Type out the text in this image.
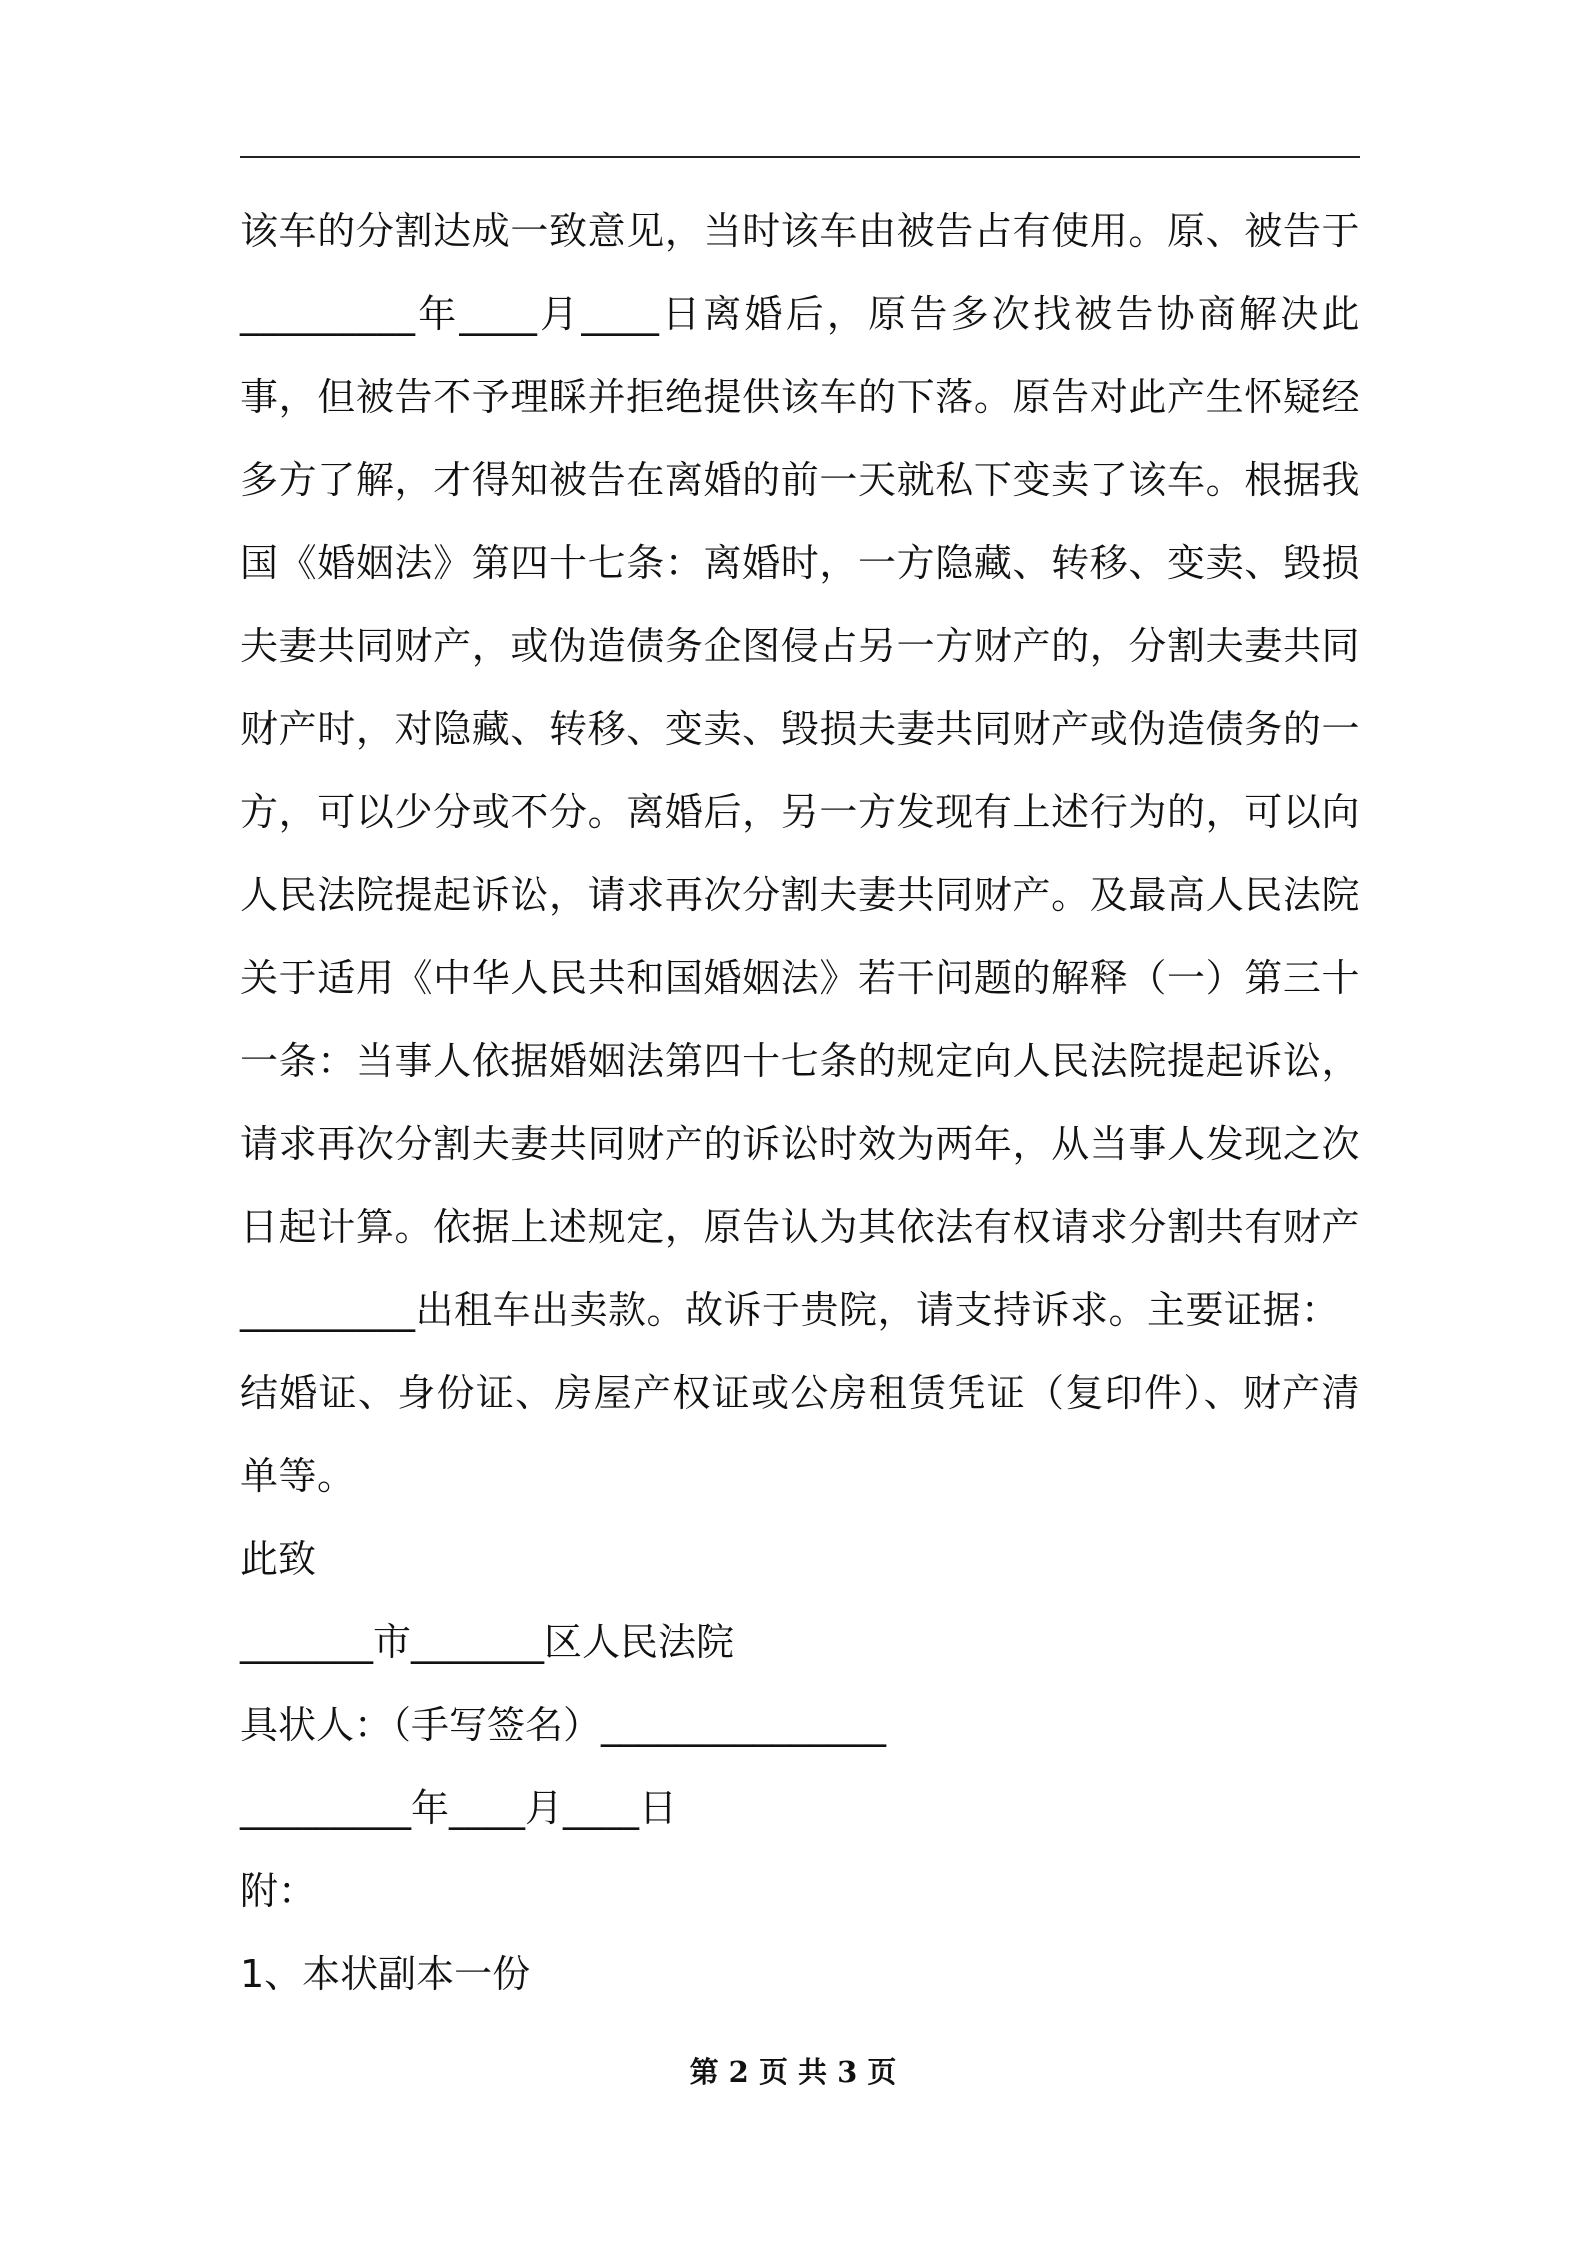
该车的分割达成一致意见，当时该车由被告占有使用。原、被告于_________年____月____日离婚后，原告多次找被告协商解决此事，但被告不予理睬并拒绝提供该车的下落。原告对此产生怀疑经多方了解，才得知被告在离婚的前一天就私下变卖了该车。根据我国《婚姻法》第四十七条：离婚时，一方隐藏、转移、变卖、毁损夫妻共同财产，或伪造债务企图侵占另一方财产的，分割夫妻共同财产时，对隐藏、转移、变卖、毁损夫妻共同财产或伪造债务的一方，可以少分或不分。离婚后，另一方发现有上述行为的，可以向人民法院提起诉讼，请求再次分割夫妻共同财产。及最高人民法院关于适用《中华人民共和国婚姻法》若干问题的解释（一）第三十一条：当事人依据婚姻法第四十七条的规定向人民法院提起诉讼，请求再次分割夫妻共同财产的诉讼时效为两年，从当事人发现之次日起计算。依据上述规定，原告认为其依法有权请求分割共有财产_________出租车出卖款。故诉于贵院，请支持诉求。主要证据：

结婚证、身份证、房屋产权证或公房租赁凭证（复印件）、财产清单等。

此致

_______市_______区人民法院

具状人：（手写签名）_______________

_________年____月____日

附：

1、本状副本一份

第 2 页 共 3 页
